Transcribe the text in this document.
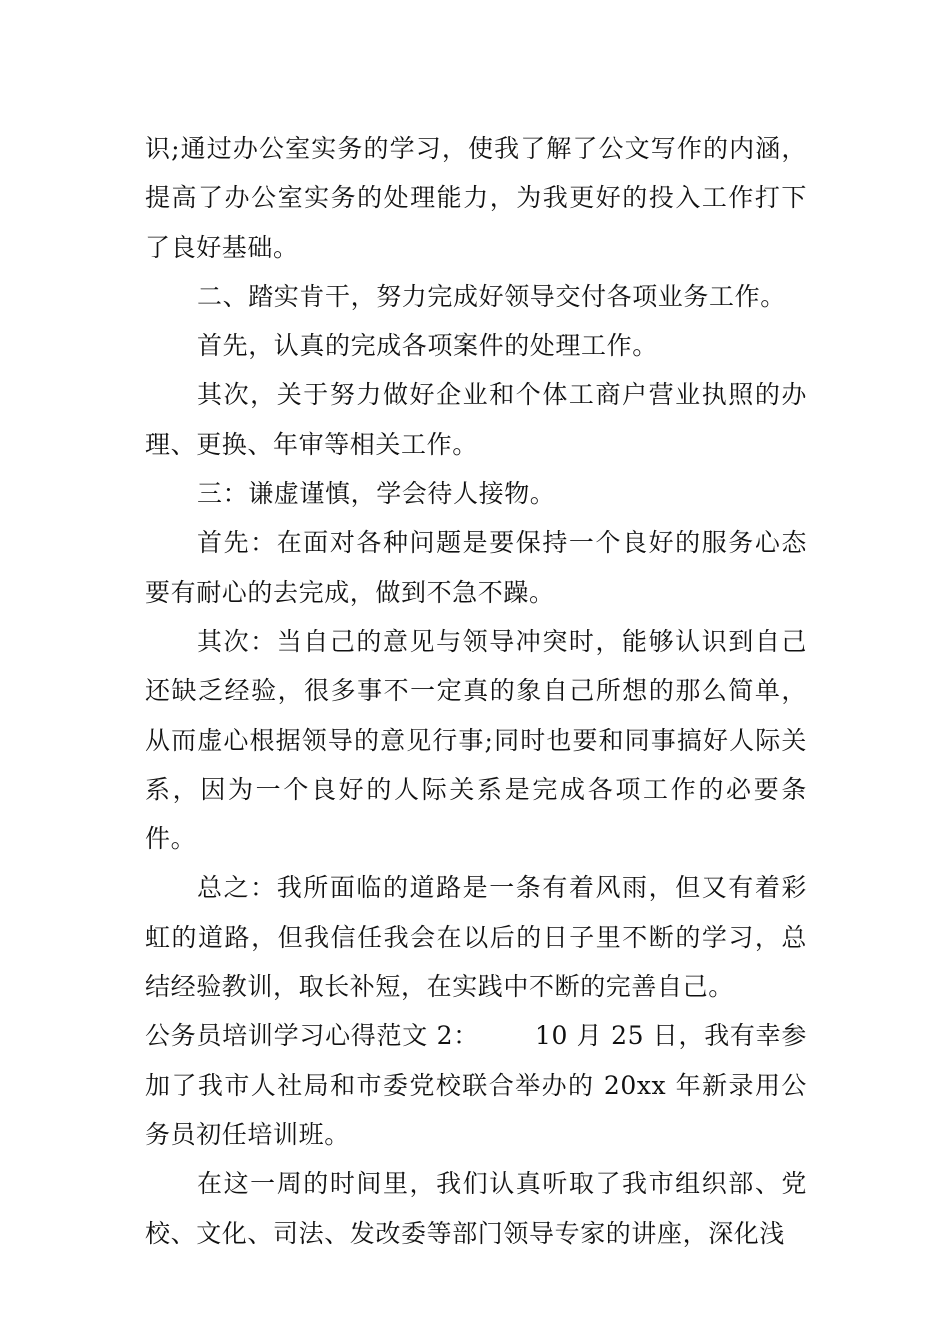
识;通过办公室实务的学习，使我了解了公文写作的内涵，提高了办公室实务的处理能力，为我更好的投入工作打下了良好基础。

二、踏实肯干，努力完成好领导交付各项业务工作。

首先，认真的完成各项案件的处理工作。

其次，关于努力做好企业和个体工商户营业执照的办理、更换、年审等相关工作。

三：谦虚谨慎，学会待人接物。

首先：在面对各种问题是要保持一个良好的服务心态要有耐心的去完成，做到不急不躁。

其次：当自己的意见与领导冲突时，能够认识到自己还缺乏经验，很多事不一定真的象自己所想的那么简单，从而虚心根据领导的意见行事;同时也要和同事搞好人际关系，因为一个良好的人际关系是完成各项工作的必要条件。

总之：我所面临的道路是一条有着风雨，但又有着彩虹的道路，但我信任我会在以后的日子里不断的学习，总结经验教训，取长补短，在实践中不断的完善自己。

公务员培训学习心得范文 2： 10 月 25 日，我有幸参加了我市人社局和市委党校联合举办的 20xx 年新录用公务员初任培训班。

在这一周的时间里，我们认真听取了我市组织部、党校、文化、司法、发改委等部门领导专家的讲座，深化浅
